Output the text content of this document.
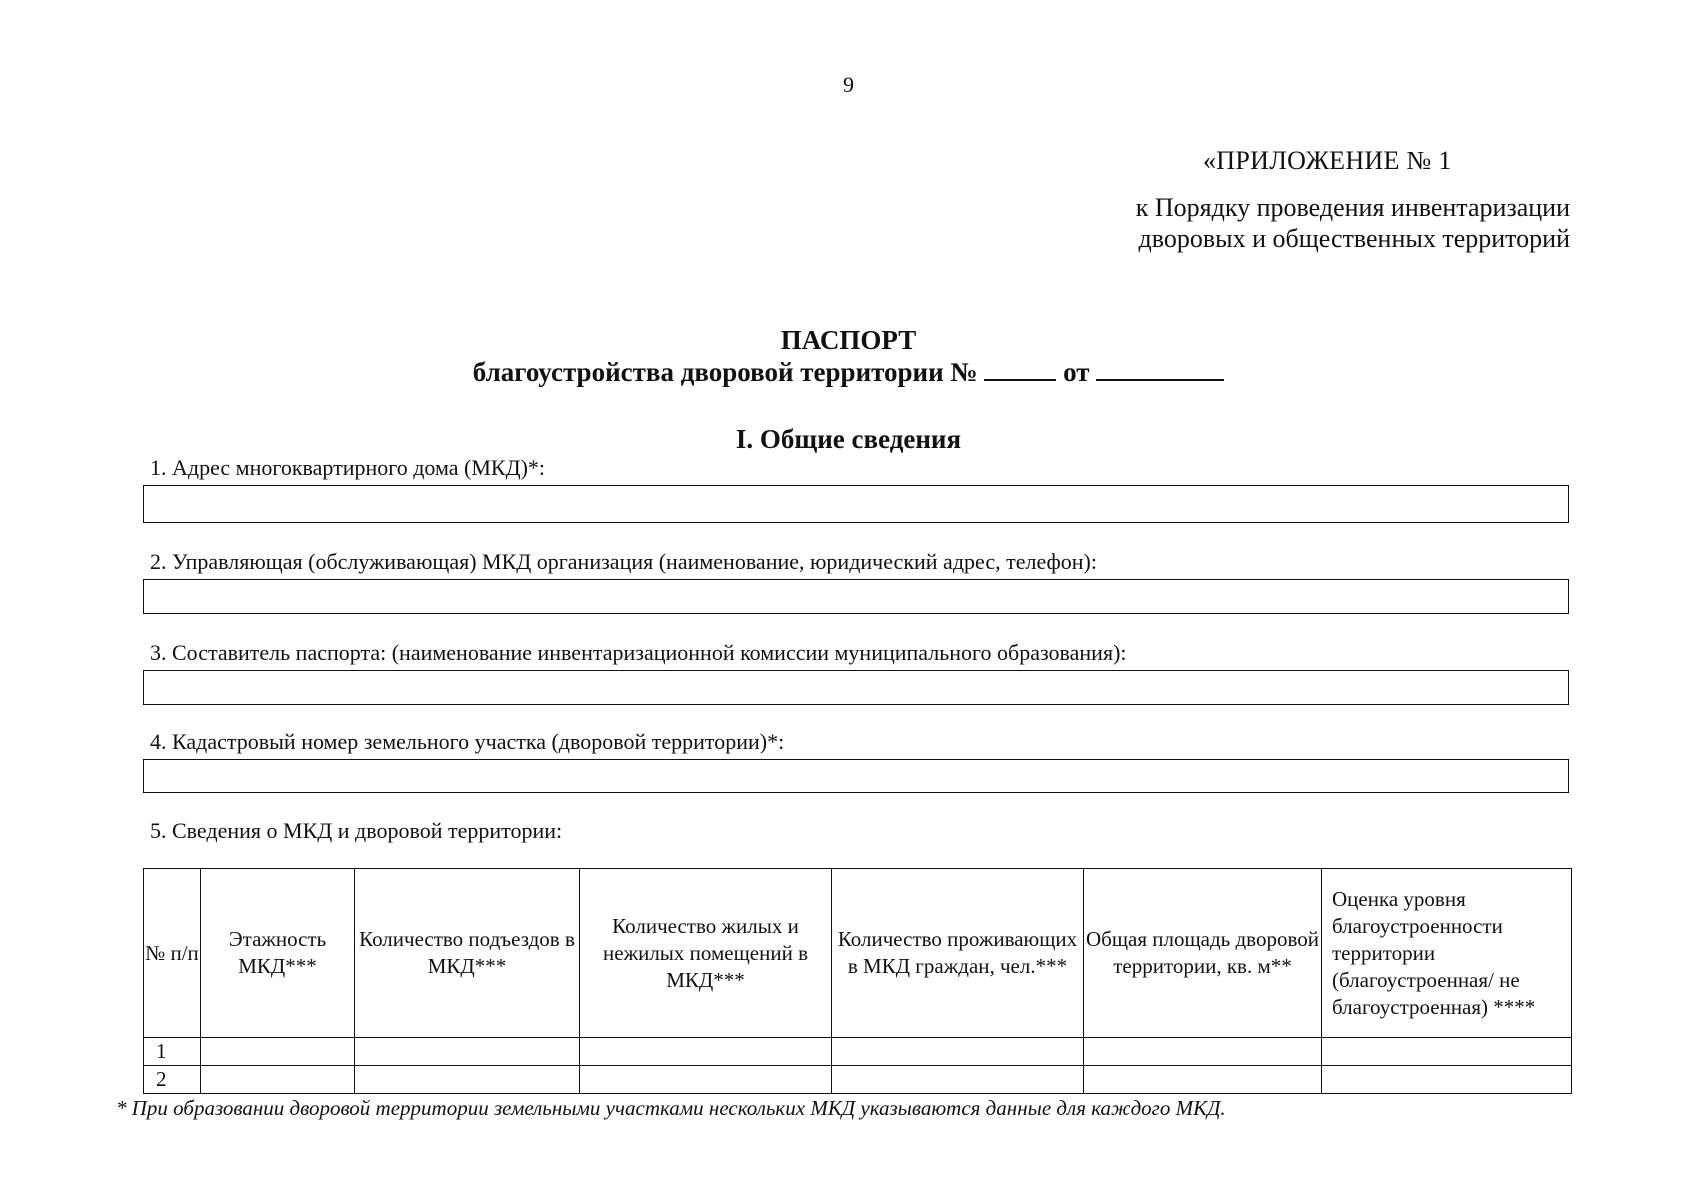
9
«ПРИЛОЖЕНИЕ № 1
к Порядку проведения инвентаризации
дворовых и общественных территорий
ПАСПОРТ
благоустройства дворовой территории №	от
I. Общие сведения
1. Адрес многоквартирного дома (МКД)*:
2. Управляющая (обслуживающая) МКД организация (наименование, юридический адрес, телефон):
3. Составитель паспорта: (наименование инвентаризационной комиссии муниципального образования):
4. Кадастровый номер земельного участка (дворовой территории)*:
5. Сведения о МКД и дворовой территории:
№ п/п	Этажность МКД***	Количество подъездов в МКД***	Количество жилых и нежилых помещений в МКД***	Количество проживающих в МКД граждан, чел.***	Общая площадь дворовой территории, кв. м**	Оценка уровня благоустроенности территории (благоустроенная/ не благоустроенная) ****
1						
2						
* При образовании дворовой территории земельными участками нескольких МКД указываются данные для каждого МКД.
